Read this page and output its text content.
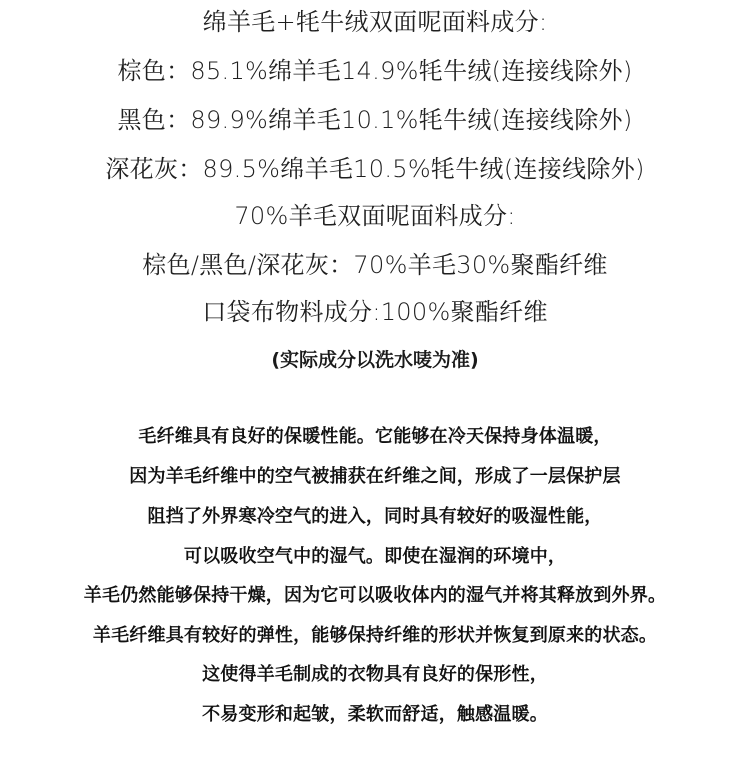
绵羊毛+牦牛绒双面呢面料成分:
棕色：85.1%绵羊毛14.9%牦牛绒(连接线除外)
黑色：89.9%绵羊毛10.1%牦牛绒(连接线除外)
深花灰：89.5%绵羊毛10.5%牦牛绒(连接线除外)
70%羊毛双面呢面料成分:
棕色/黑色/深花灰：70%羊毛30%聚酯纤维
口袋布物料成分:100%聚酯纤维
(实际成分以洗水唛为准)
毛纤维具有良好的保暖性能。它能够在冷天保持身体温暖，
因为羊毛纤维中的空气被捕获在纤维之间，形成了一层保护层
阻挡了外界寒冷空气的进入，同时具有较好的吸湿性能，
可以吸收空气中的湿气。即使在湿润的环境中，
羊毛仍然能够保持干燥，因为它可以吸收体内的湿气并将其释放到外界。
羊毛纤维具有较好的弹性，能够保持纤维的形状并恢复到原来的状态。
这使得羊毛制成的衣物具有良好的保形性，
不易变形和起皱，柔软而舒适，触感温暖。
